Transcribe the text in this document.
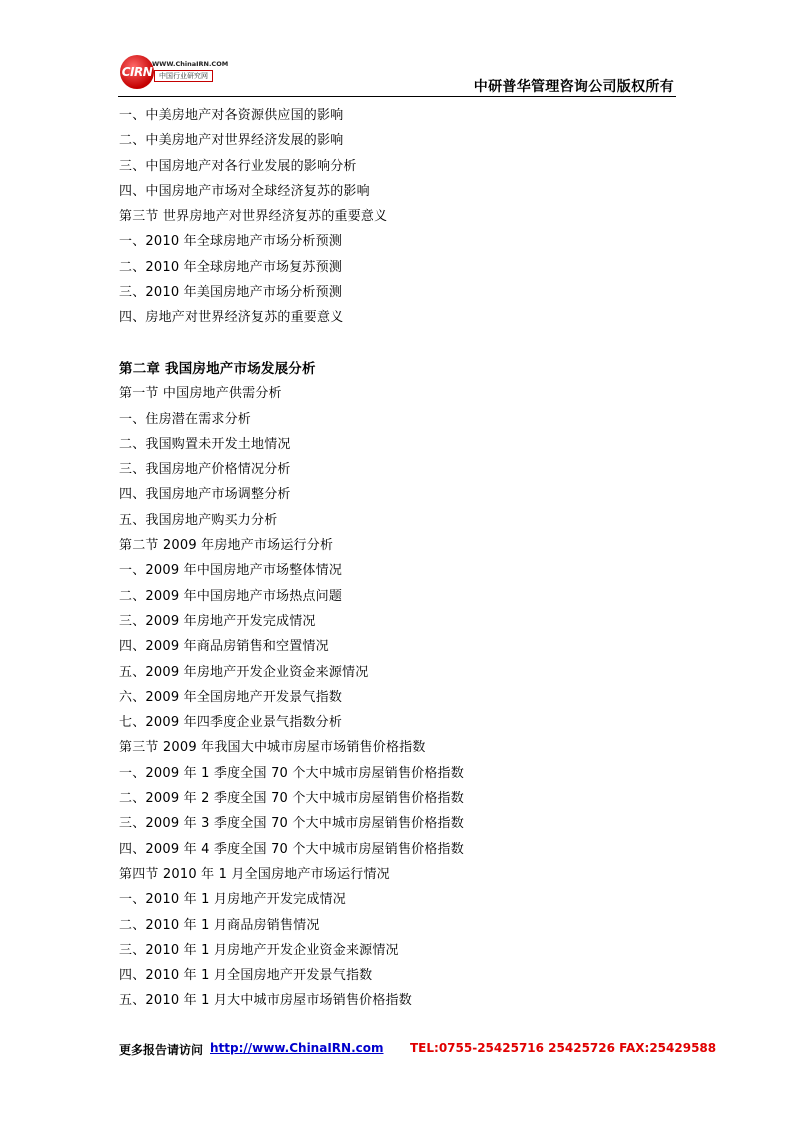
CIRN
WWW.ChinaIRN.COM
中国行业研究网
中研普华管理咨询公司版权所有
一、中美房地产对各资源供应国的影响
二、中美房地产对世界经济发展的影响
三、中国房地产对各行业发展的影响分析
四、中国房地产市场对全球经济复苏的影响
第三节 世界房地产对世界经济复苏的重要意义
一、2010 年全球房地产市场分析预测
二、2010 年全球房地产市场复苏预测
三、2010 年美国房地产市场分析预测
四、房地产对世界经济复苏的重要意义
第二章 我国房地产市场发展分析
第一节 中国房地产供需分析
一、住房潜在需求分析
二、我国购置未开发土地情况
三、我国房地产价格情况分析
四、我国房地产市场调整分析
五、我国房地产购买力分析
第二节 2009 年房地产市场运行分析
一、2009 年中国房地产市场整体情况
二、2009 年中国房地产市场热点问题
三、2009 年房地产开发完成情况
四、2009 年商品房销售和空置情况
五、2009 年房地产开发企业资金来源情况
六、2009 年全国房地产开发景气指数
七、2009 年四季度企业景气指数分析
第三节 2009 年我国大中城市房屋市场销售价格指数
一、2009 年 1 季度全国 70 个大中城市房屋销售价格指数
二、2009 年 2 季度全国 70 个大中城市房屋销售价格指数
三、2009 年 3 季度全国 70 个大中城市房屋销售价格指数
四、2009 年 4 季度全国 70 个大中城市房屋销售价格指数
第四节 2010 年 1 月全国房地产市场运行情况
一、2010 年 1 月房地产开发完成情况
二、2010 年 1 月商品房销售情况
三、2010 年 1 月房地产开发企业资金来源情况
四、2010 年 1 月全国房地产开发景气指数
五、2010 年 1 月大中城市房屋市场销售价格指数
更多报告请访问 http://www.ChinaIRN.com TEL:0755-25425716 25425726 FAX:25429588
